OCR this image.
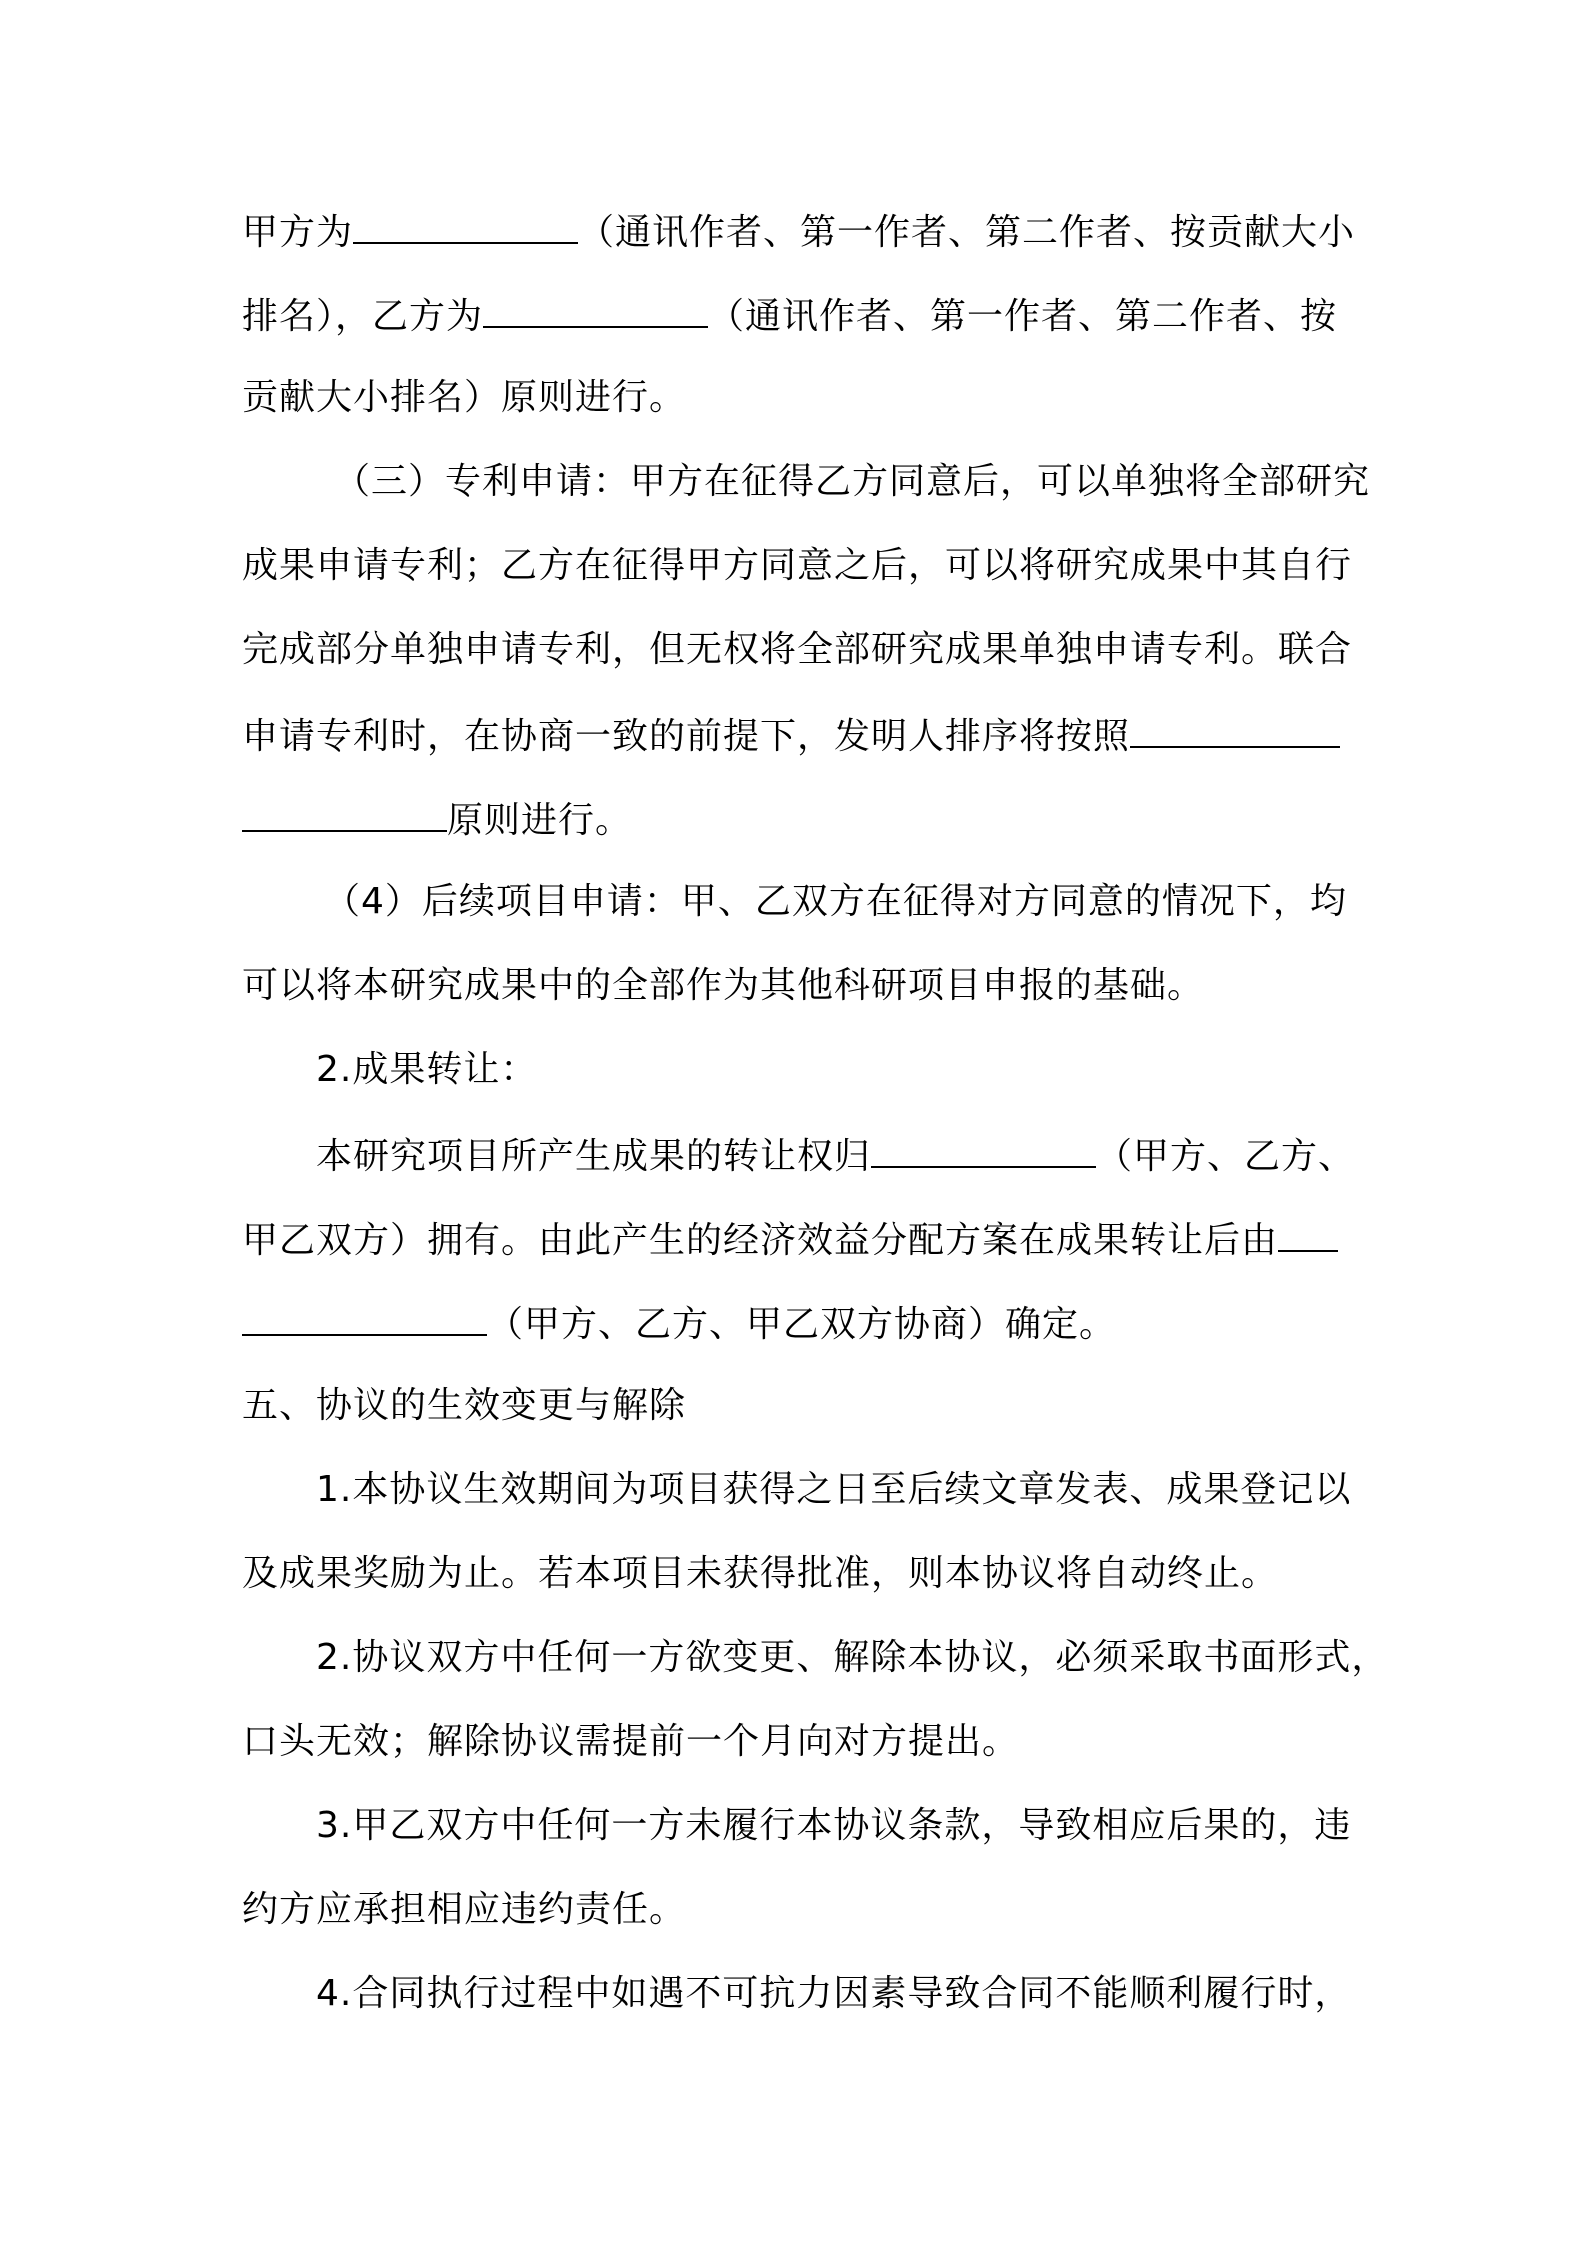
甲方为	（通讯作者、第一作者、第二作者、按贡献大小
排名），乙方为	（通讯作者、第一作者、第二作者、按
贡献大小排名）原则进行。
（三）专利申请：甲方在征得乙方同意后，可以单独将全部研究
成果申请专利；乙方在征得甲方同意之后，可以将研究成果中其自行
完成部分单独申请专利，但无权将全部研究成果单独申请专利。联合
申请专利时，在协商一致的前提下，发明人排序将按照
原则进行。
（4）后续项目申请：甲、乙双方在征得对方同意的情况下，均
可以将本研究成果中的全部作为其他科研项目申报的基础。
2.成果转让：
本研究项目所产生成果的转让权归	（甲方、乙方、
甲乙双方）拥有。由此产生的经济效益分配方案在成果转让后由
（甲方、乙方、甲乙双方协商）确定。
五、协议的生效变更与解除
1.本协议生效期间为项目获得之日至后续文章发表、成果登记以
及成果奖励为止。若本项目未获得批准，则本协议将自动终止。
2.协议双方中任何一方欲变更、解除本协议，必须采取书面形式，
口头无效；解除协议需提前一个月向对方提出。
3.甲乙双方中任何一方未履行本协议条款，导致相应后果的，违
约方应承担相应违约责任。
4.合同执行过程中如遇不可抗力因素导致合同不能顺利履行时，
